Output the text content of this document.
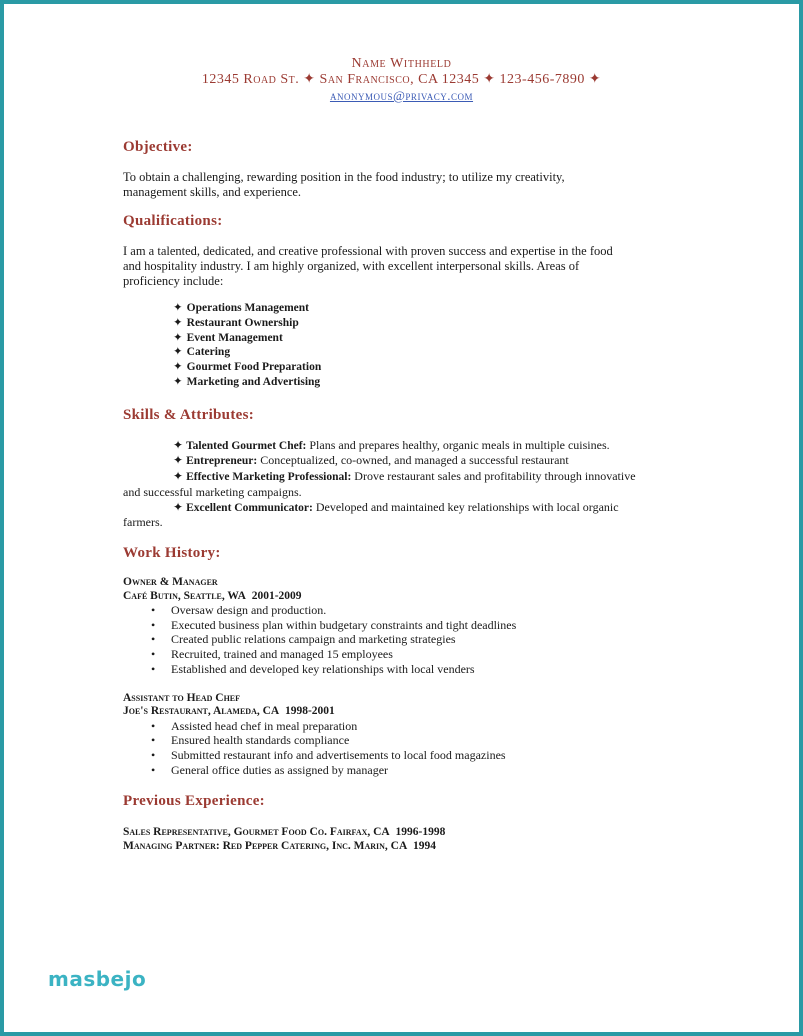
Name Withheld
12345 Road St. ✦ San Francisco, CA 12345 ✦ 123-456-7890 ✦
anonymous@privacy.com
Objective:

To obtain a challenging, rewarding position in the food industry; to utilize my creativity,

management skills, and experience.

Qualifications:

I am a talented, dedicated, and creative professional with proven success and expertise in the food

and hospitality industry. I am highly organized, with excellent interpersonal skills. Areas of

proficiency include:

✦ Operations Management
✦ Restaurant Ownership
✦ Event Management
✦ Catering
✦ Gourmet Food Preparation
✦ Marketing and Advertising
Skills & Attributes:
✦ Talented Gourmet Chef: Plans and prepares healthy, organic meals in multiple cuisines.
✦ Entrepreneur: Conceptualized, co-owned, and managed a successful restaurant
✦ Effective Marketing Professional: Drove restaurant sales and profitability through innovative
and successful marketing campaigns.
✦ Excellent Communicator: Developed and maintained key relationships with local organic
farmers.
Work History:

Owner & Manager

Café Butin, Seattle, WA 2001-2009

• Oversaw design and production.
• Executed business plan within budgetary constraints and tight deadlines
• Created public relations campaign and marketing strategies
• Recruited, trained and managed 15 employees
• Established and developed key relationships with local venders

Assistant to Head Chef

Joe's Restaurant, Alameda, CA 1998-2001

• Assisted head chef in meal preparation
• Ensured health standards compliance
• Submitted restaurant info and advertisements to local food magazines
• General office duties as assigned by manager
Previous Experience:

Sales Representative, Gourmet Food Co. Fairfax, CA 1996-1998

Managing Partner: Red Pepper Catering, Inc. Marin, CA 1994

masbejo
